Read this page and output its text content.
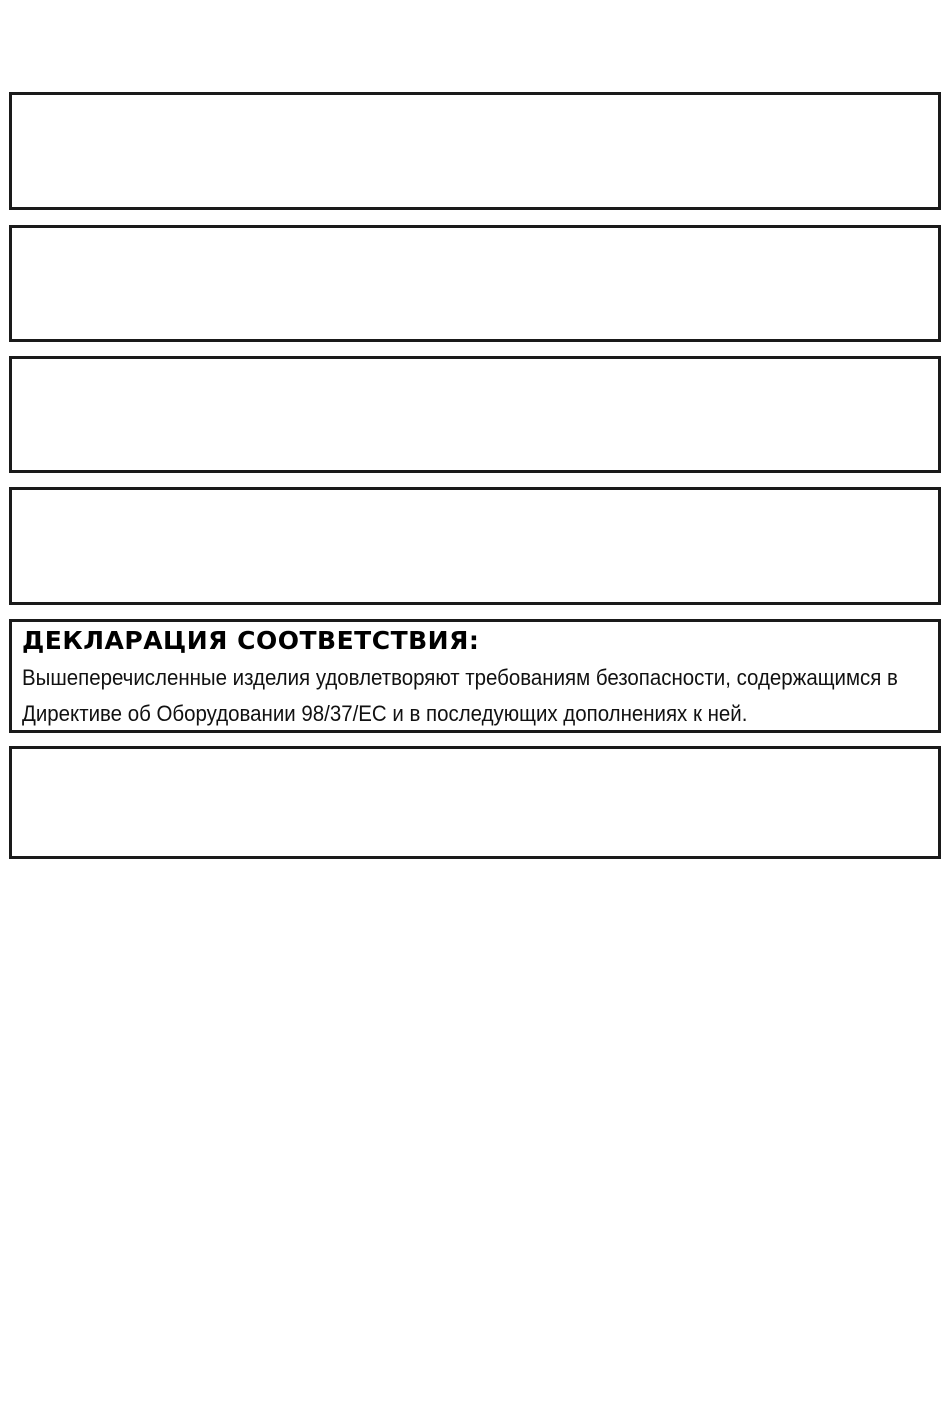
ДЕКЛАРАЦИЯ СООТВЕТСТВИЯ:

Вышеперечисленные изделия удовлетворяют требованиям безопасности, содержащимся в
Директиве об Оборудовании 98/37/ЕС и в последующих дополнениях к ней.
